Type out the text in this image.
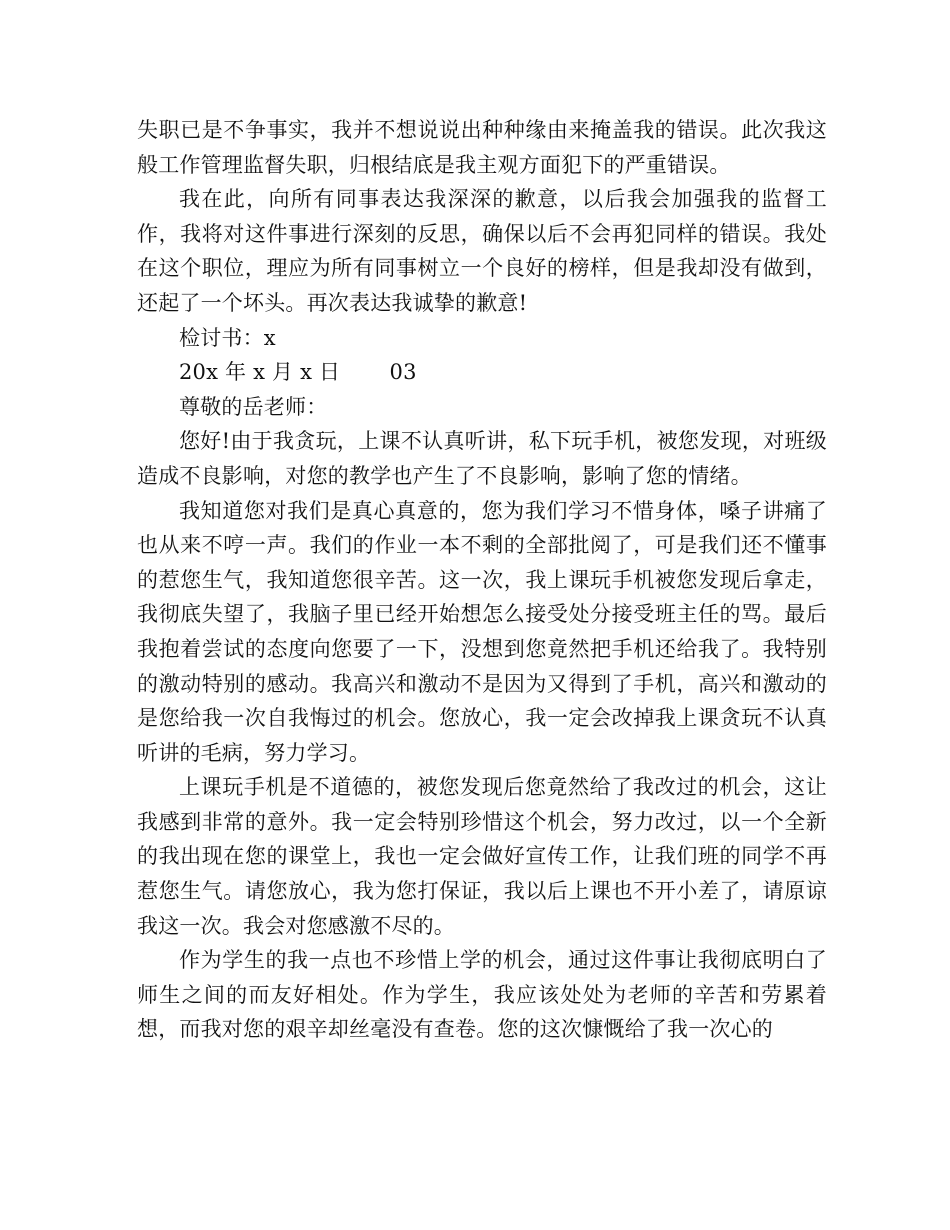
失职已是不争事实，我并不想说说出种种缘由来掩盖我的错误。此次我这般工作管理监督失职，归根结底是我主观方面犯下的严重错误。

我在此，向所有同事表达我深深的歉意，以后我会加强我的监督工作，我将对这件事进行深刻的反思，确保以后不会再犯同样的错误。我处在这个职位，理应为所有同事树立一个良好的榜样，但是我却没有做到，还起了一个坏头。再次表达我诚挚的歉意!

检讨书：x

20x 年 x 月 x 日　　 03

尊敬的岳老师：

您好!由于我贪玩，上课不认真听讲，私下玩手机，被您发现，对班级造成不良影响，对您的教学也产生了不良影响，影响了您的情绪。

我知道您对我们是真心真意的，您为我们学习不惜身体，嗓子讲痛了也从来不哼一声。我们的作业一本不剩的全部批阅了，可是我们还不懂事的惹您生气，我知道您很辛苦。这一次，我上课玩手机被您发现后拿走，我彻底失望了，我脑子里已经开始想怎么接受处分接受班主任的骂。最后我抱着尝试的态度向您要了一下，没想到您竟然把手机还给我了。我特别的激动特别的感动。我高兴和激动不是因为又得到了手机，高兴和激动的是您给我一次自我悔过的机会。您放心，我一定会改掉我上课贪玩不认真听讲的毛病，努力学习。

上课玩手机是不道德的，被您发现后您竟然给了我改过的机会，这让我感到非常的意外。我一定会特别珍惜这个机会，努力改过，以一个全新的我出现在您的课堂上，我也一定会做好宣传工作，让我们班的同学不再惹您生气。请您放心，我为您打保证，我以后上课也不开小差了，请原谅我这一次。我会对您感激不尽的。

作为学生的我一点也不珍惜上学的机会，通过这件事让我彻底明白了师生之间的而友好相处。作为学生，我应该处处为老师的辛苦和劳累着想，而我对您的艰辛却丝毫没有查卷。您的这次慷慨给了我一次心的
